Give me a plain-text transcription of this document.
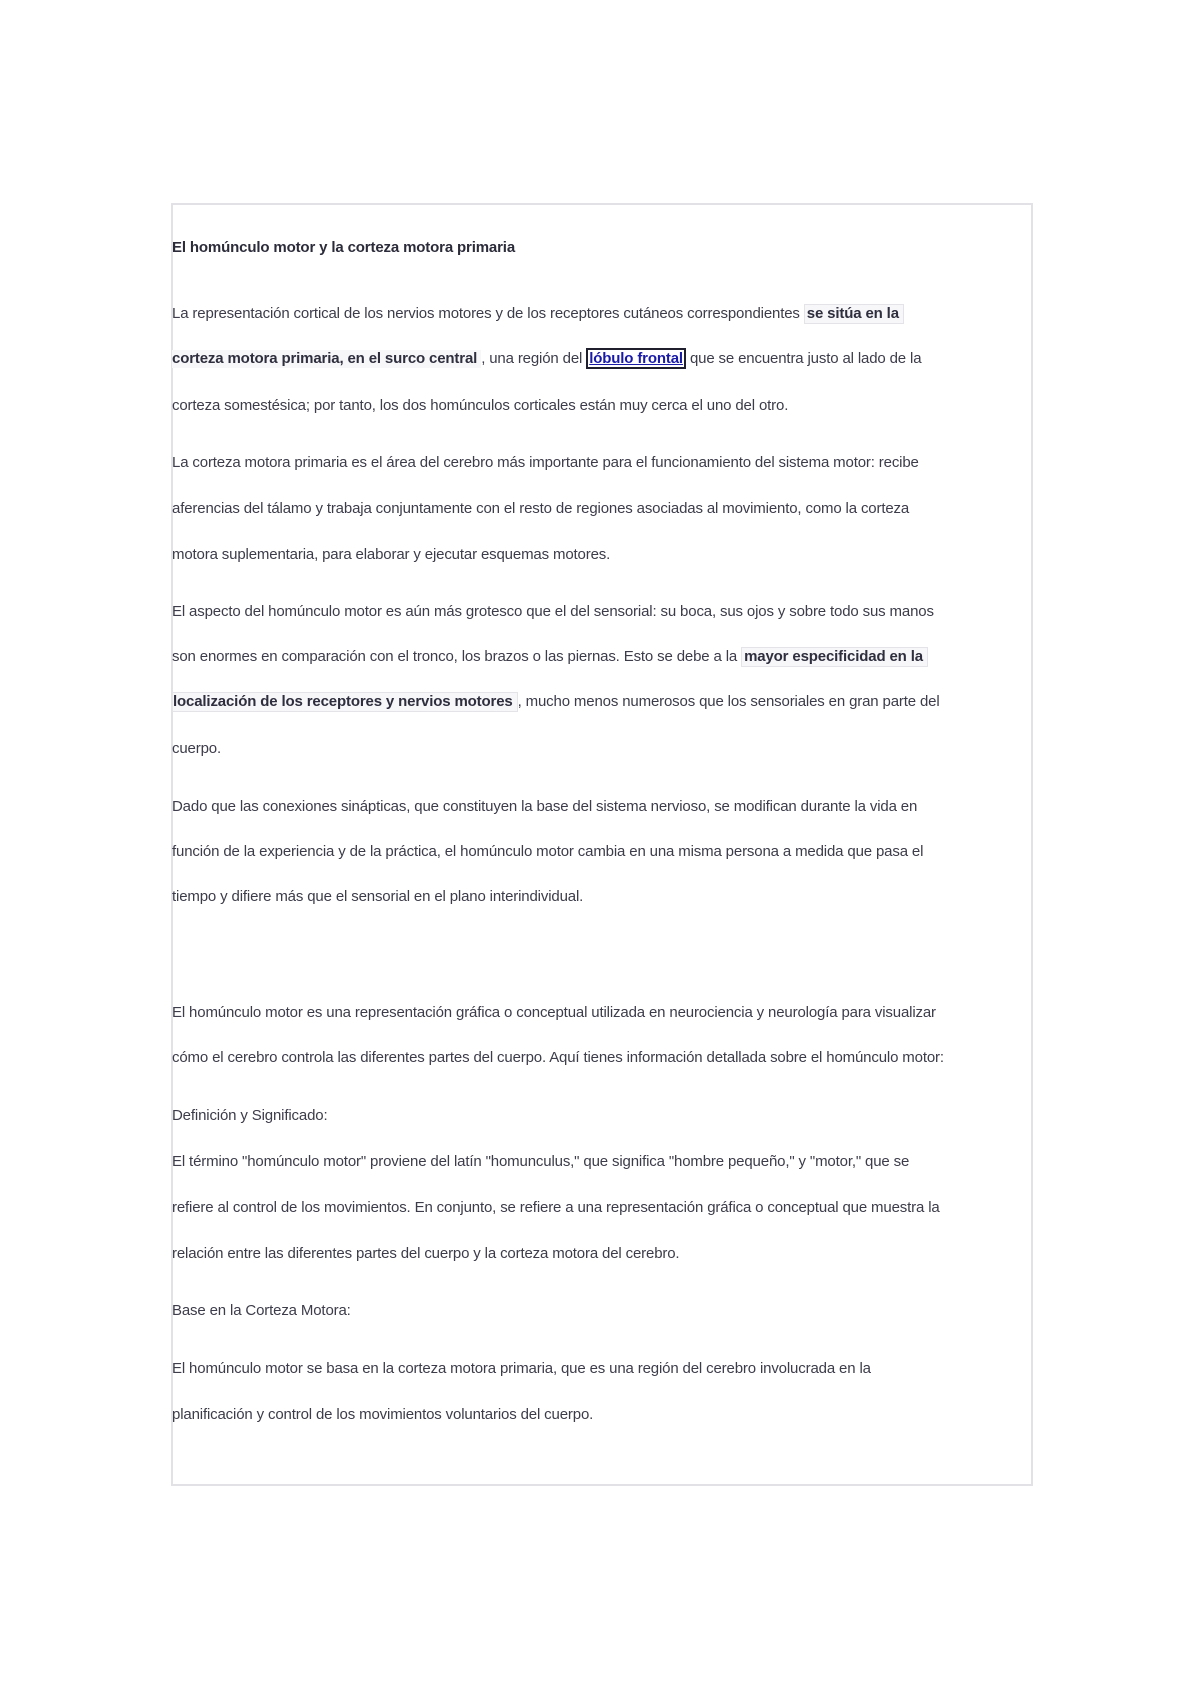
El homúnculo motor y la corteza motora primaria
La representación cortical de los nervios motores y de los receptores cutáneos correspondientes se sitúa en la
corteza motora primaria, en el surco central , una región del lóbulo frontal que se encuentra justo al lado de la
corteza somestésica; por tanto, los dos homúnculos corticales están muy cerca el uno del otro.
La corteza motora primaria es el área del cerebro más importante para el funcionamiento del sistema motor: recibe
aferencias del tálamo y trabaja conjuntamente con el resto de regiones asociadas al movimiento, como la corteza
motora suplementaria, para elaborar y ejecutar esquemas motores.
El aspecto del homúnculo motor es aún más grotesco que el del sensorial: su boca, sus ojos y sobre todo sus manos
son enormes en comparación con el tronco, los brazos o las piernas. Esto se debe a la mayor especificidad en la
localización de los receptores y nervios motores , mucho menos numerosos que los sensoriales en gran parte del
cuerpo.
Dado que las conexiones sinápticas, que constituyen la base del sistema nervioso, se modifican durante la vida en
función de la experiencia y de la práctica, el homúnculo motor cambia en una misma persona a medida que pasa el
tiempo y difiere más que el sensorial en el plano interindividual.
El homúnculo motor es una representación gráfica o conceptual utilizada en neurociencia y neurología para visualizar
cómo el cerebro controla las diferentes partes del cuerpo. Aquí tienes información detallada sobre el homúnculo motor:
Definición y Significado:
El término "homúnculo motor" proviene del latín "homunculus," que significa "hombre pequeño," y "motor," que se
refiere al control de los movimientos. En conjunto, se refiere a una representación gráfica o conceptual que muestra la
relación entre las diferentes partes del cuerpo y la corteza motora del cerebro.
Base en la Corteza Motora:
El homúnculo motor se basa en la corteza motora primaria, que es una región del cerebro involucrada en la
planificación y control de los movimientos voluntarios del cuerpo.
